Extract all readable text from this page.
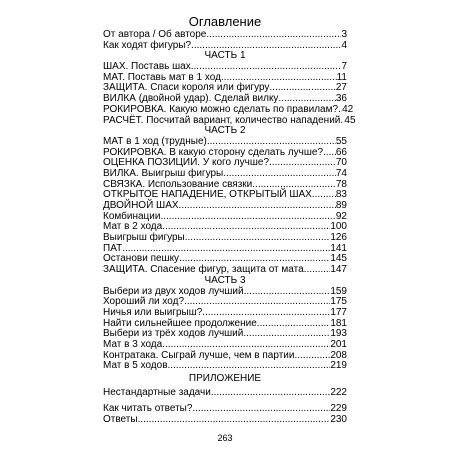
Оглавление
От автора / Об авторе .....	3
Как ходят фигуры? .....	4
ЧАСТЬ 1
ШАХ. Поставь шах .....	7
МАТ. Поставь мат в 1 ход .....	11
ЗАЩИТА. Спаси короля или фигуру .....	27
ВИЛКА (двойной удар). Сделай вилку .....	36
РОКИРОВКА. Какую можно сделать по правилам? ..... 42
РАСЧЁТ. Посчитай вариант, количество нападений ..... 45
ЧАСТЬ 2
МАТ в 1 ход (трудные) .....	55
РОКИРОВКА. В какую сторону сделать лучше? ..... 66
ОЦЕНКА ПОЗИЦИИ. У кого лучше? .....	70
ВИЛКА. Выигрыш фигуры .....	74
СВЯЗКА. Использование связки .....	78
ОТКРЫТОЕ НАПАДЕНИЕ, ОТКРЫТЫЙ ШАХ ..... 83
ДВОЙНОЙ ШАХ .....	89
Комбинации .....	92
Мат в 2 хода .....	100
Выигрыш фигуры .....	126
ПАТ .....	141
Останови пешку .....	145
ЗАЩИТА. Спасение фигур, защита от мата .....	147
ЧАСТЬ 3
Выбери из двух ходов лучший .....	159
Хороший ли ход? .....	175
Ничья или выигрыш? .....	177
Найти сильнейшее продолжение .....	181
Выбери из трёх ходов лучший .....	193
Мат в 3 хода .....	201
Контратака. Сыграй лучше, чем в партии .....	208
Мат в 5 ходов .....	219
ПРИЛОЖЕНИЕ
Нестандартные задачи .....	222
Как читать ответы? .....	229
Ответы .....	230
263
